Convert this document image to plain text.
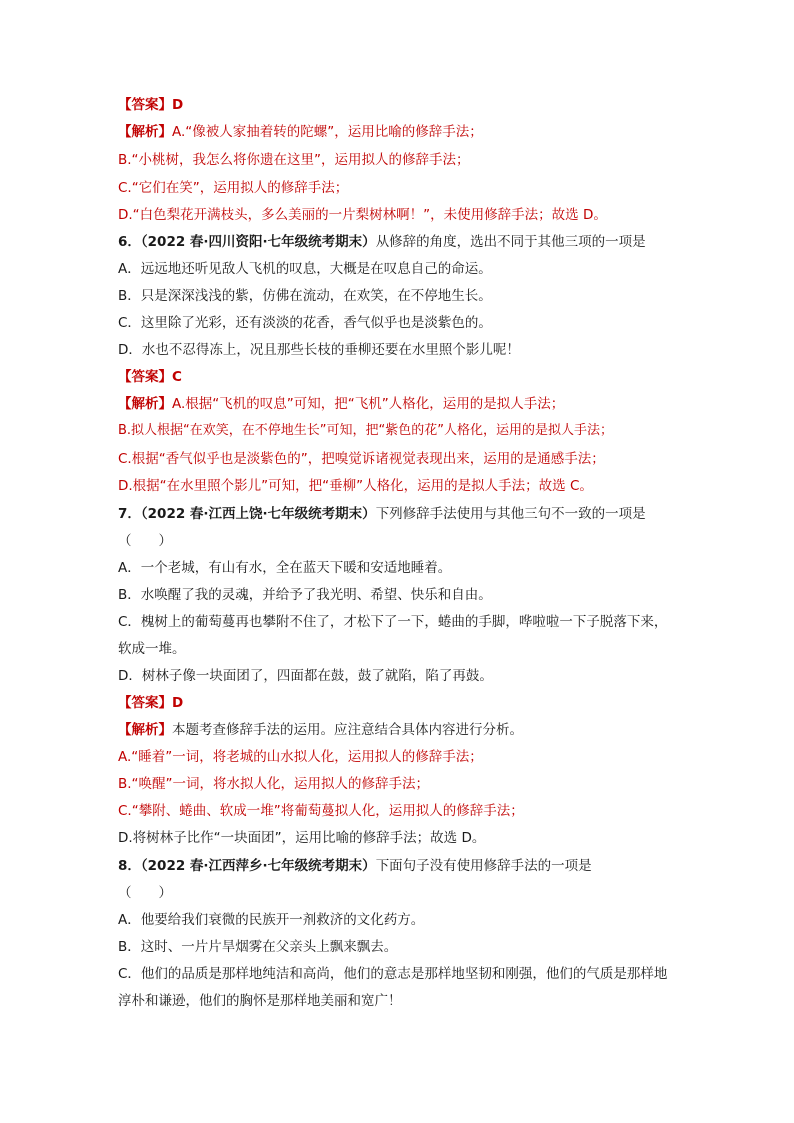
【答案】D
【解析】A.“像被人家抽着转的陀螺”，运用比喻的修辞手法；
B.“小桃树，我怎么将你遗在这里”，运用拟人的修辞手法；
C.“它们在笑”，运用拟人的修辞手法；
D.“白色梨花开满枝头，多么美丽的一片梨树林啊！”，未使用修辞手法；故选 D。
6．（2022 春·四川资阳·七年级统考期末）从修辞的角度，选出不同于其他三项的一项是
A．远远地还听见敌人飞机的叹息，大概是在叹息自己的命运。
B．只是深深浅浅的紫，仿佛在流动，在欢笑，在不停地生长。
C．这里除了光彩，还有淡淡的花香，香气似乎也是淡紫色的。
D．水也不忍得冻上，况且那些长枝的垂柳还要在水里照个影儿呢！
【答案】C
【解析】A.根据“飞机的叹息”可知，把“飞机”人格化，运用的是拟人手法；
B.拟人根据“在欢笑，在不停地生长”可知，把“紫色的花”人格化，运用的是拟人手法；
C.根据“香气似乎也是淡紫色的”，把嗅觉诉诸视觉表现出来，运用的是通感手法；
D.根据“在水里照个影儿”可知，把“垂柳”人格化，运用的是拟人手法；故选 C。
7．（2022 春·江西上饶·七年级统考期末）下列修辞手法使用与其他三句不一致的一项是
（　　）
A．一个老城，有山有水，全在蓝天下暖和安适地睡着。
B．水唤醒了我的灵魂，并给予了我光明、希望、快乐和自由。
C．槐树上的葡萄蔓再也攀附不住了，才松下了一下，蜷曲的手脚，哗啦啦一下子脱落下来，软成一堆。
D．树林子像一块面团了，四面都在鼓，鼓了就陷，陷了再鼓。
【答案】D
【解析】本题考查修辞手法的运用。应注意结合具体内容进行分析。
A.“睡着”一词，将老城的山水拟人化，运用拟人的修辞手法；
B.“唤醒”一词，将水拟人化，运用拟人的修辞手法；
C.“攀附、蜷曲、软成一堆”将葡萄蔓拟人化，运用拟人的修辞手法；
D.将树林子比作“一块面团”，运用比喻的修辞手法；故选 D。
8．（2022 春·江西萍乡·七年级统考期末）下面句子没有使用修辞手法的一项是
（　　）
A．他要给我们衰微的民族开一剂救济的文化药方。
B．这时、一片片旱烟雾在父亲头上飘来飘去。
C．他们的品质是那样地纯洁和高尚，他们的意志是那样地坚韧和刚强，他们的气质是那样地淳朴和谦逊，他们的胸怀是那样地美丽和宽广！
